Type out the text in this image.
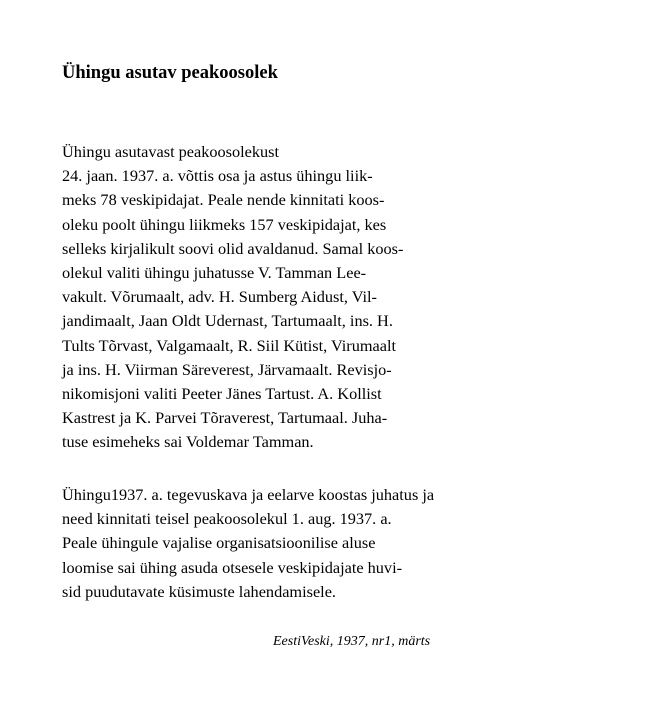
Ühingu asutav peakoosolek
Ühingu asutavast peakoosolekust
24. jaan. 1937. a. võttis osa ja astus ühingu liik-
meks 78 veskipidajat. Peale nende kinnitati koos-
oleku poolt ühingu liikmeks 157 veskipidajat, kes
selleks kirjalikult soovi olid avaldanud. Samal koos-
olekul valiti ühingu juhatusse V. Tamman Lee-
vakult. Võrumaalt, adv. H. Sumberg Aidust, Vil-
jandimaalt, Jaan Oldt Udernast, Tartumaalt, ins. H.
Tults Tõrvast, Valgamaalt, R. Siil Kütist, Virumaalt
ja ins. H. Viirman Säreverest, Järvamaalt. Revisjo-
nikomisjoni valiti Peeter Jänes Tartust. A. Kollist
Kastrest ja K. Parvei Tõraverest, Tartumaal. Juha-
tuse esimeheks sai Voldemar Tamman.
Ühingu1937. a. tegevuskava ja eelarve koostas juhatus ja
need kinnitati teisel peakoosolekul 1. aug. 1937. a.
Peale ühingule vajalise organisatsioonilise aluse
loomise sai ühing asuda otsesele veskipidajate huvi-
sid puudutavate küsimuste lahendamisele.
EestiVeski, 1937, nr1, märts
